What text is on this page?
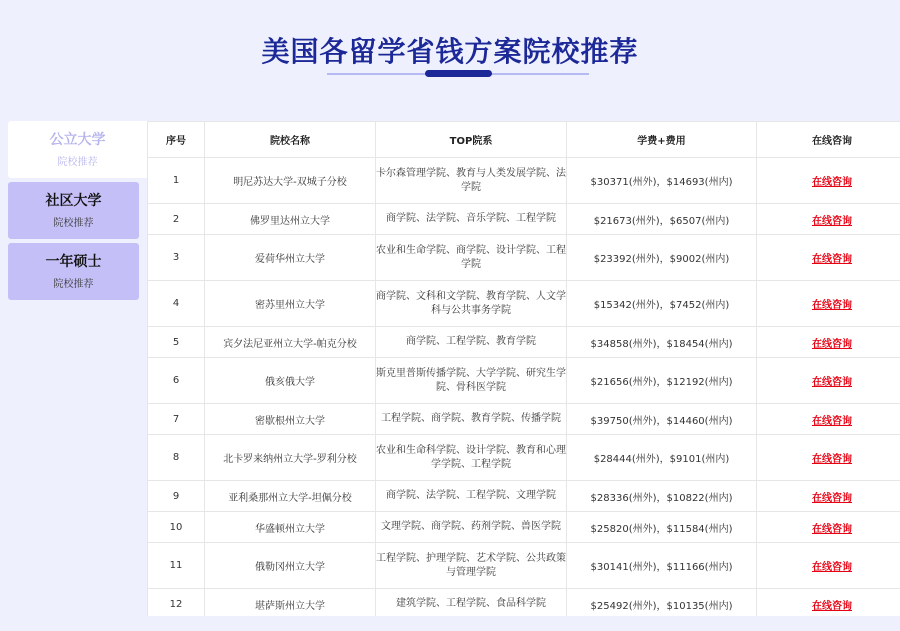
美国各留学省钱方案院校推荐
公立大学
院校推荐
社区大学
院校推荐
一年硕士
院校推荐
序号	院校名称	TOP院系	学费+费用	在线咨询
1	明尼苏达大学-双城子分校	卡尔森管理学院、教育与人类发展学院、法学院	$30371(州外)，$14693(州内)	在线咨询
2	佛罗里达州立大学	商学院、法学院、音乐学院、工程学院	$21673(州外)，$6507(州内)	在线咨询
3	爱荷华州立大学	农业和生命学院、商学院、设计学院、工程学院	$23392(州外)，$9002(州内)	在线咨询
4	密苏里州立大学	商学院、文科和文学院、教育学院、人文学科与公共事务学院	$15342(州外)，$7452(州内)	在线咨询
5	宾夕法尼亚州立大学-帕克分校	商学院、工程学院、教育学院	$34858(州外)，$18454(州内)	在线咨询
6	俄亥俄大学	斯克里普斯传播学院、大学学院、研究生学院、骨科医学院	$21656(州外)，$12192(州内)	在线咨询
7	密歇根州立大学	工程学院、商学院、教育学院、传播学院	$39750(州外)，$14460(州内)	在线咨询
8	北卡罗来纳州立大学-罗利分校	农业和生命科学院、设计学院、教育和心理学学院、工程学院	$28444(州外)，$9101(州内)	在线咨询
9	亚利桑那州立大学-坦佩分校	商学院、法学院、工程学院、文理学院	$28336(州外)，$10822(州内)	在线咨询
10	华盛顿州立大学	文理学院、商学院、药剂学院、兽医学院	$25820(州外)，$11584(州内)	在线咨询
11	俄勒冈州立大学	工程学院、护理学院、艺术学院、公共政策与管理学院	$30141(州外)，$11166(州内)	在线咨询
12	堪萨斯州立大学	建筑学院、工程学院、食品科学院	$25492(州外)，$10135(州内)	在线咨询
